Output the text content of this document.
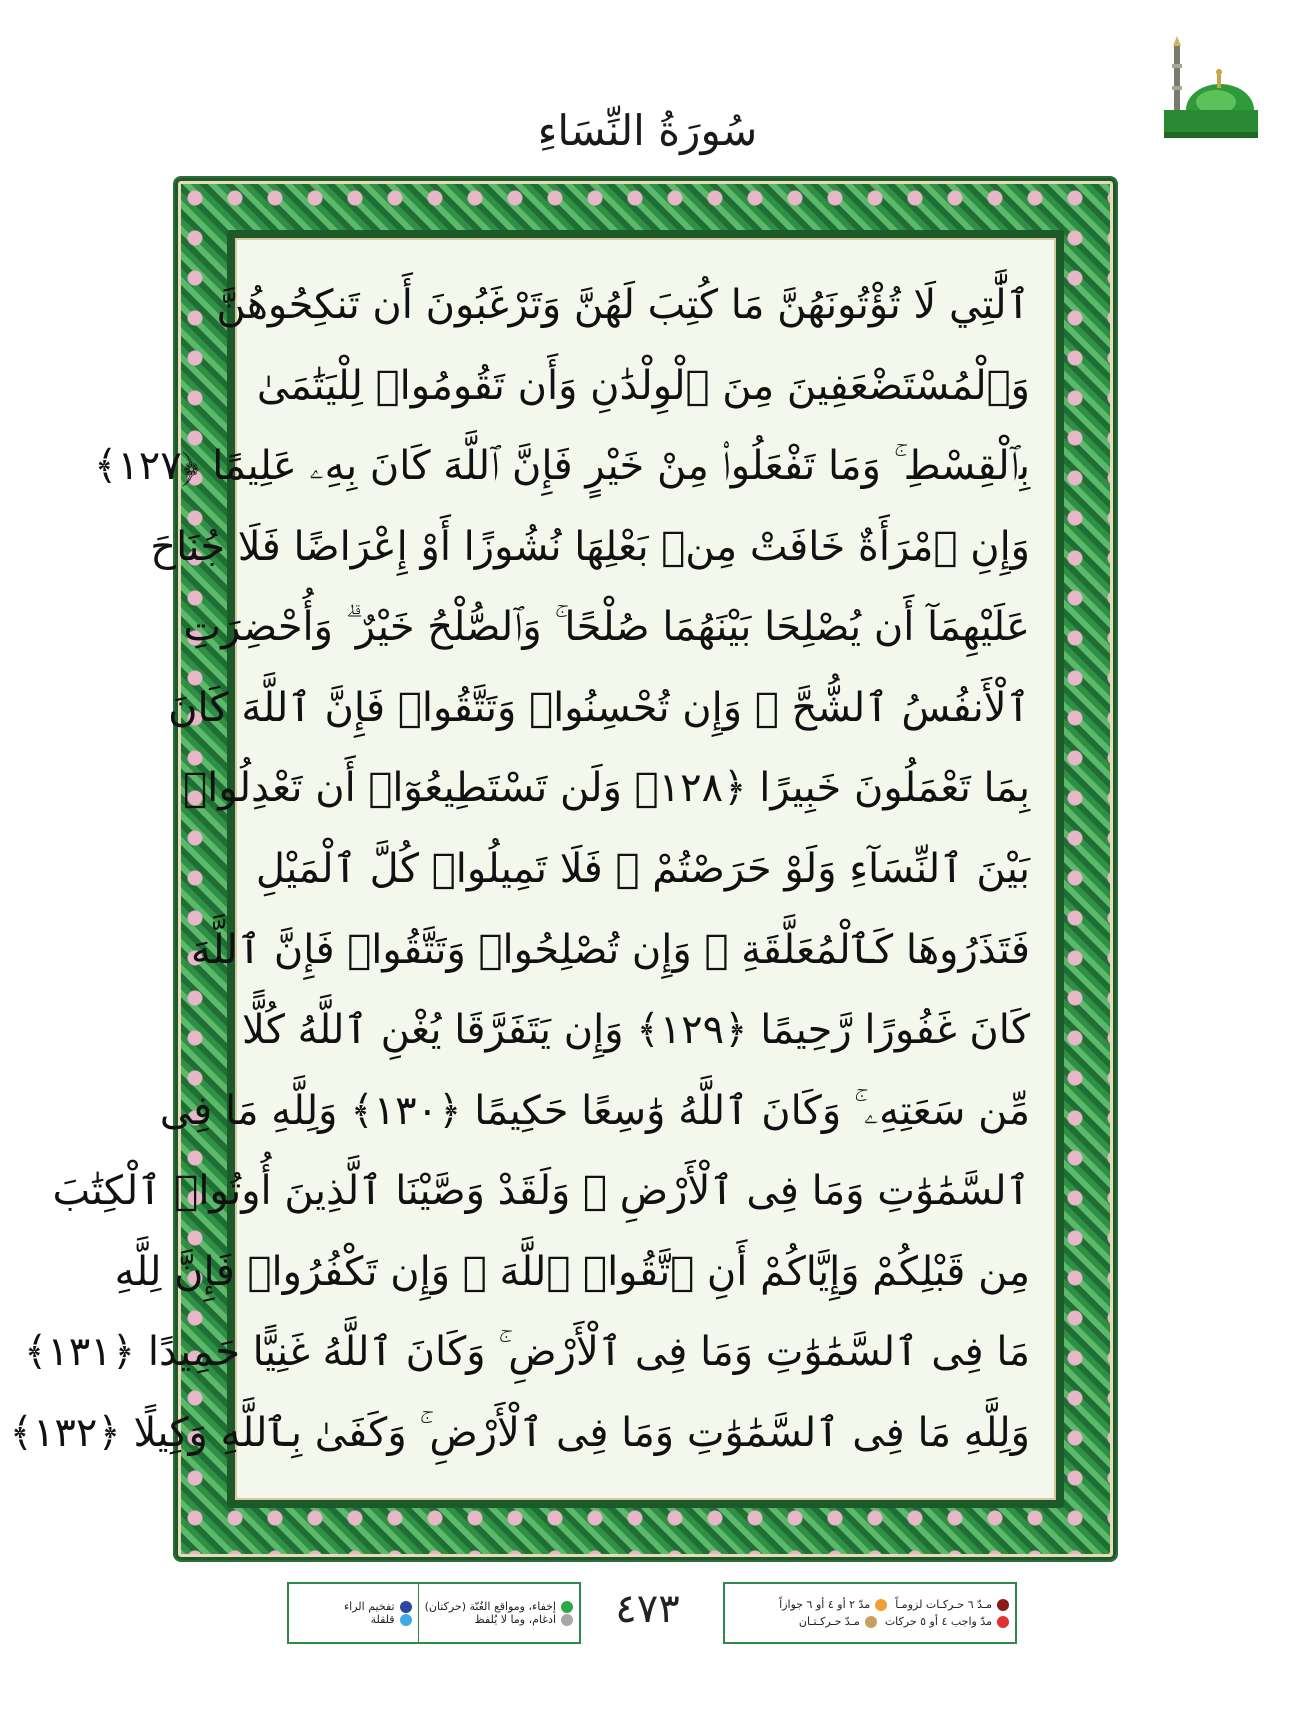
سُورَةُ النِّسَاءِ
ٱلَّٰتِي لَا تُؤْتُونَهُنَّ مَا كُتِبَ لَهُنَّ وَتَرْغَبُونَ أَن تَنكِحُوهُنَّ
وَٱلْمُسْتَضْعَفِينَ مِنَ ٱلْوِلْدَٰنِ وَأَن تَقُومُوا۟ لِلْيَتَٰمَىٰ
بِٱلْقِسْطِ ۚ وَمَا تَفْعَلُوا۟ مِنْ خَيْرٍ فَإِنَّ ٱللَّهَ كَانَ بِهِۦ عَلِيمًا ﴿١٢٧﴾
وَإِنِ ٱمْرَأَةٌ خَافَتْ مِنۢ بَعْلِهَا نُشُوزًا أَوْ إِعْرَاضًا فَلَا جُنَاحَ
عَلَيْهِمَآ أَن يُصْلِحَا بَيْنَهُمَا صُلْحًا ۚ وَٱلصُّلْحُ خَيْرٌ ۗ وَأُحْضِرَتِ
ٱلْأَنفُسُ ٱلشُّحَّ ۚ وَإِن تُحْسِنُوا۟ وَتَتَّقُوا۟ فَإِنَّ ٱللَّهَ كَانَ
بِمَا تَعْمَلُونَ خَبِيرًا ﴿١٢٨﴾ وَلَن تَسْتَطِيعُوٓا۟ أَن تَعْدِلُوا۟
بَيْنَ ٱلنِّسَآءِ وَلَوْ حَرَصْتُمْ ۖ فَلَا تَمِيلُوا۟ كُلَّ ٱلْمَيْلِ
فَتَذَرُوهَا كَٱلْمُعَلَّقَةِ ۚ وَإِن تُصْلِحُوا۟ وَتَتَّقُوا۟ فَإِنَّ ٱللَّهَ
كَانَ غَفُورًا رَّحِيمًا ﴿١٢٩﴾ وَإِن يَتَفَرَّقَا يُغْنِ ٱللَّهُ كُلًّا
مِّن سَعَتِهِۦ ۚ وَكَانَ ٱللَّهُ وَٰسِعًا حَكِيمًا ﴿١٣٠﴾ وَلِلَّهِ مَا فِى
ٱلسَّمَٰوَٰتِ وَمَا فِى ٱلْأَرْضِ ۗ وَلَقَدْ وَصَّيْنَا ٱلَّذِينَ أُوتُوا۟ ٱلْكِتَٰبَ
مِن قَبْلِكُمْ وَإِيَّاكُمْ أَنِ ٱتَّقُوا۟ ٱللَّهَ ۚ وَإِن تَكْفُرُوا۟ فَإِنَّ لِلَّهِ
مَا فِى ٱلسَّمَٰوَٰتِ وَمَا فِى ٱلْأَرْضِ ۚ وَكَانَ ٱللَّهُ غَنِيًّا حَمِيدًا ﴿١٣١﴾
وَلِلَّهِ مَا فِى ٱلسَّمَٰوَٰتِ وَمَا فِى ٱلْأَرْضِ ۚ وَكَفَىٰ بِٱللَّهِ وَكِيلًا ﴿١٣٢﴾
مـدّ ٦ حـركـات لزومـاً
مدّ ٢ أو ٤ أو ٦ جوازاً
مدّ واجب ٤ أو ٥ حركات
مـدّ حـركـتـان
٤٧٣
إخفاء، ومواقع الغُنّة (حركتان)
ادغام، وما لا يُلفظ
تفخيم الراء
قلقلة
